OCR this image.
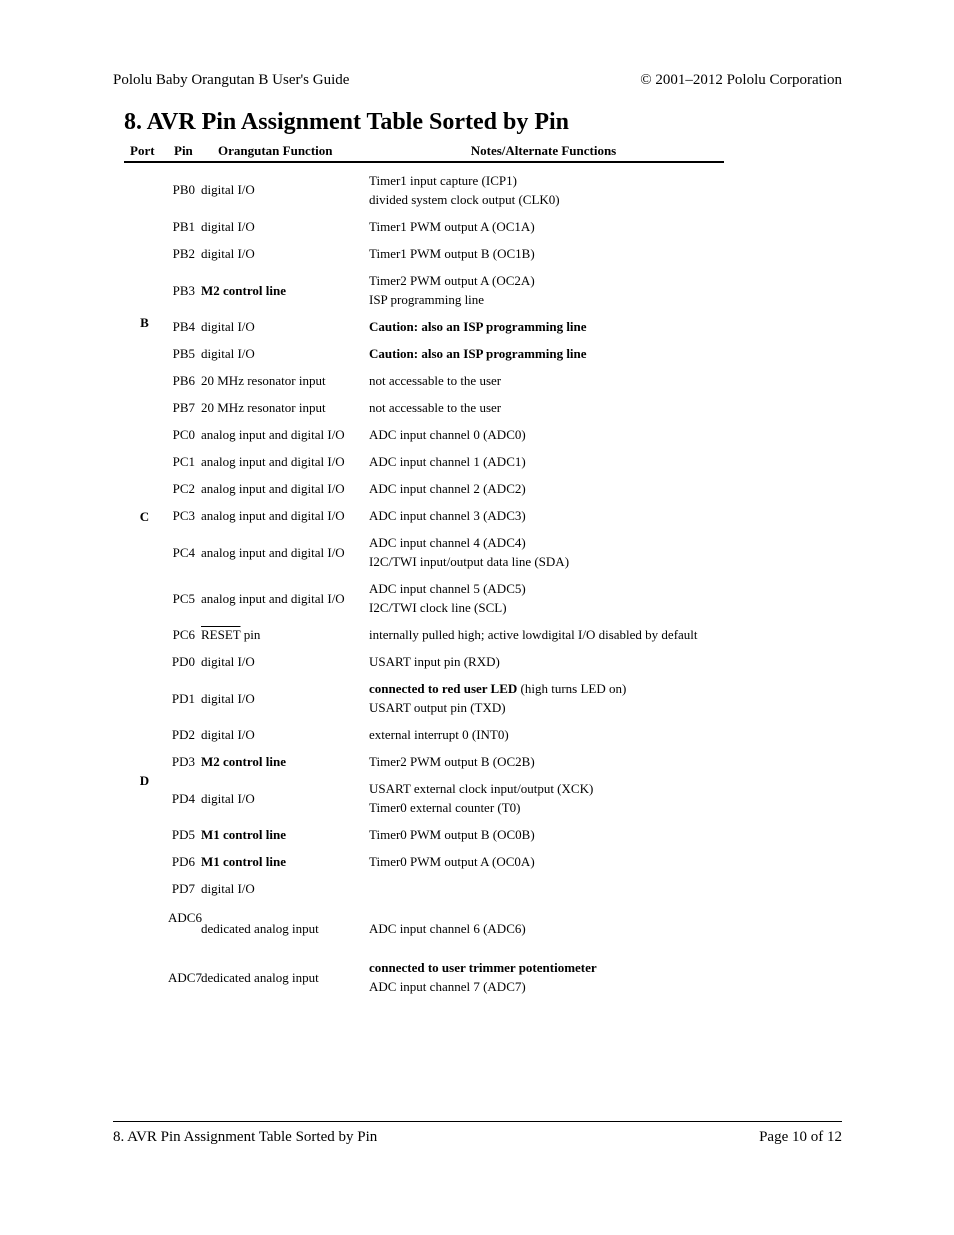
Pololu Baby Orangutan B User's Guide	© 2001–2012 Pololu Corporation
8. AVR Pin Assignment Table Sorted by Pin
Port	Pin	Orangutan Function	Notes/Alternate Functions
B	PB0	digital I/O	Timer1 input capture (ICP1)
divided system clock output (CLK0)

	PB1	digital I/O	Timer1 PWM output A (OC1A)
	PB2	digital I/O	Timer1 PWM output B (OC1B)
	PB3	M2 control line	Timer2 PWM output A (OC2A)
ISP programming line

	PB4	digital I/O	Caution: also an ISP programming line
	PB5	digital I/O	Caution: also an ISP programming line
	PB6	20 MHz resonator input	not accessable to the user
	PB7	20 MHz resonator input	not accessable to the user
C	PC0	analog input and digital I/O	ADC input channel 0 (ADC0)
	PC1	analog input and digital I/O	ADC input channel 1 (ADC1)
	PC2	analog input and digital I/O	ADC input channel 2 (ADC2)
	PC3	analog input and digital I/O	ADC input channel 3 (ADC3)
	PC4	analog input and digital I/O	ADC input channel 4 (ADC4)
I2C/TWI input/output data line (SDA)

	PC5	analog input and digital I/O	ADC input channel 5 (ADC5)
I2C/TWI clock line (SCL)

	PC6	RESET pin	internally pulled high; active lowdigital I/O disabled by default
D	PD0	digital I/O	USART input pin (RXD)
	PD1	digital I/O	connected to red user LED (high turns LED on)
USART output pin (TXD)

	PD2	digital I/O	external interrupt 0 (INT0)
	PD3	M2 control line	Timer2 PWM output B (OC2B)
	PD4	digital I/O	USART external clock input/output (XCK)
Timer0 external counter (T0)

	PD5	M1 control line	Timer0 PWM output B (OC0B)
	PD6	M1 control line	Timer0 PWM output A (OC0A)
	PD7	digital I/O	
	ADC6	dedicated analog input	ADC input channel 6 (ADC6)
	ADC7	dedicated analog input	connected to user trimmer potentiometer
ADC input channel 7 (ADC7)
8. AVR Pin Assignment Table Sorted by Pin	Page 10 of 12
